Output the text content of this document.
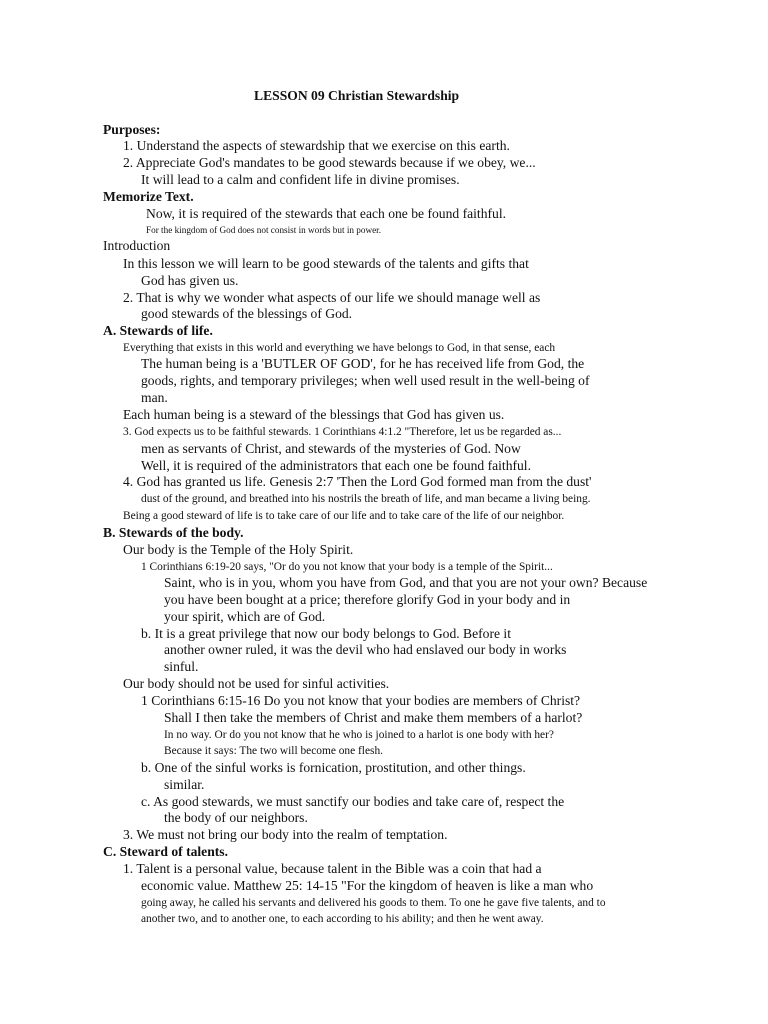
LESSON 09 Christian Stewardship
Purposes:
1. Understand the aspects of stewardship that we exercise on this earth.
2. Appreciate God's mandates to be good stewards because if we obey, we...
It will lead to a calm and confident life in divine promises.
Memorize Text.
Now, it is required of the stewards that each one be found faithful.
For the kingdom of God does not consist in words but in power.
Introduction
In this lesson we will learn to be good stewards of the talents and gifts that
God has given us.
2. That is why we wonder what aspects of our life we should manage well as
good stewards of the blessings of God.
A. Stewards of life.
Everything that exists in this world and everything we have belongs to God, in that sense, each
The human being is a 'BUTLER OF GOD', for he has received life from God, the
goods, rights, and temporary privileges; when well used result in the well-being of
man.
Each human being is a steward of the blessings that God has given us.
3. God expects us to be faithful stewards. 1 Corinthians 4:1.2 "Therefore, let us be regarded as...
men as servants of Christ, and stewards of the mysteries of God. Now
Well, it is required of the administrators that each one be found faithful.
4. God has granted us life. Genesis 2:7 'Then the Lord God formed man from the dust'
dust of the ground, and breathed into his nostrils the breath of life, and man became a living being.
Being a good steward of life is to take care of our life and to take care of the life of our neighbor.
B. Stewards of the body.
Our body is the Temple of the Holy Spirit.
1 Corinthians 6:19-20 says, "Or do you not know that your body is a temple of the Spirit...
Saint, who is in you, whom you have from God, and that you are not your own? Because
you have been bought at a price; therefore glorify God in your body and in
your spirit, which are of God.
b. It is a great privilege that now our body belongs to God. Before it
another owner ruled, it was the devil who had enslaved our body in works
sinful.
Our body should not be used for sinful activities.
1 Corinthians 6:15-16 Do you not know that your bodies are members of Christ?
Shall I then take the members of Christ and make them members of a harlot?
In no way. Or do you not know that he who is joined to a harlot is one body with her?
Because it says: The two will become one flesh.
b. One of the sinful works is fornication, prostitution, and other things.
similar.
c. As good stewards, we must sanctify our bodies and take care of, respect the
the body of our neighbors.
3. We must not bring our body into the realm of temptation.
C. Steward of talents.
1. Talent is a personal value, because talent in the Bible was a coin that had a
economic value. Matthew 25: 14-15 "For the kingdom of heaven is like a man who
going away, he called his servants and delivered his goods to them. To one he gave five talents, and to
another two, and to another one, to each according to his ability; and then he went away.
